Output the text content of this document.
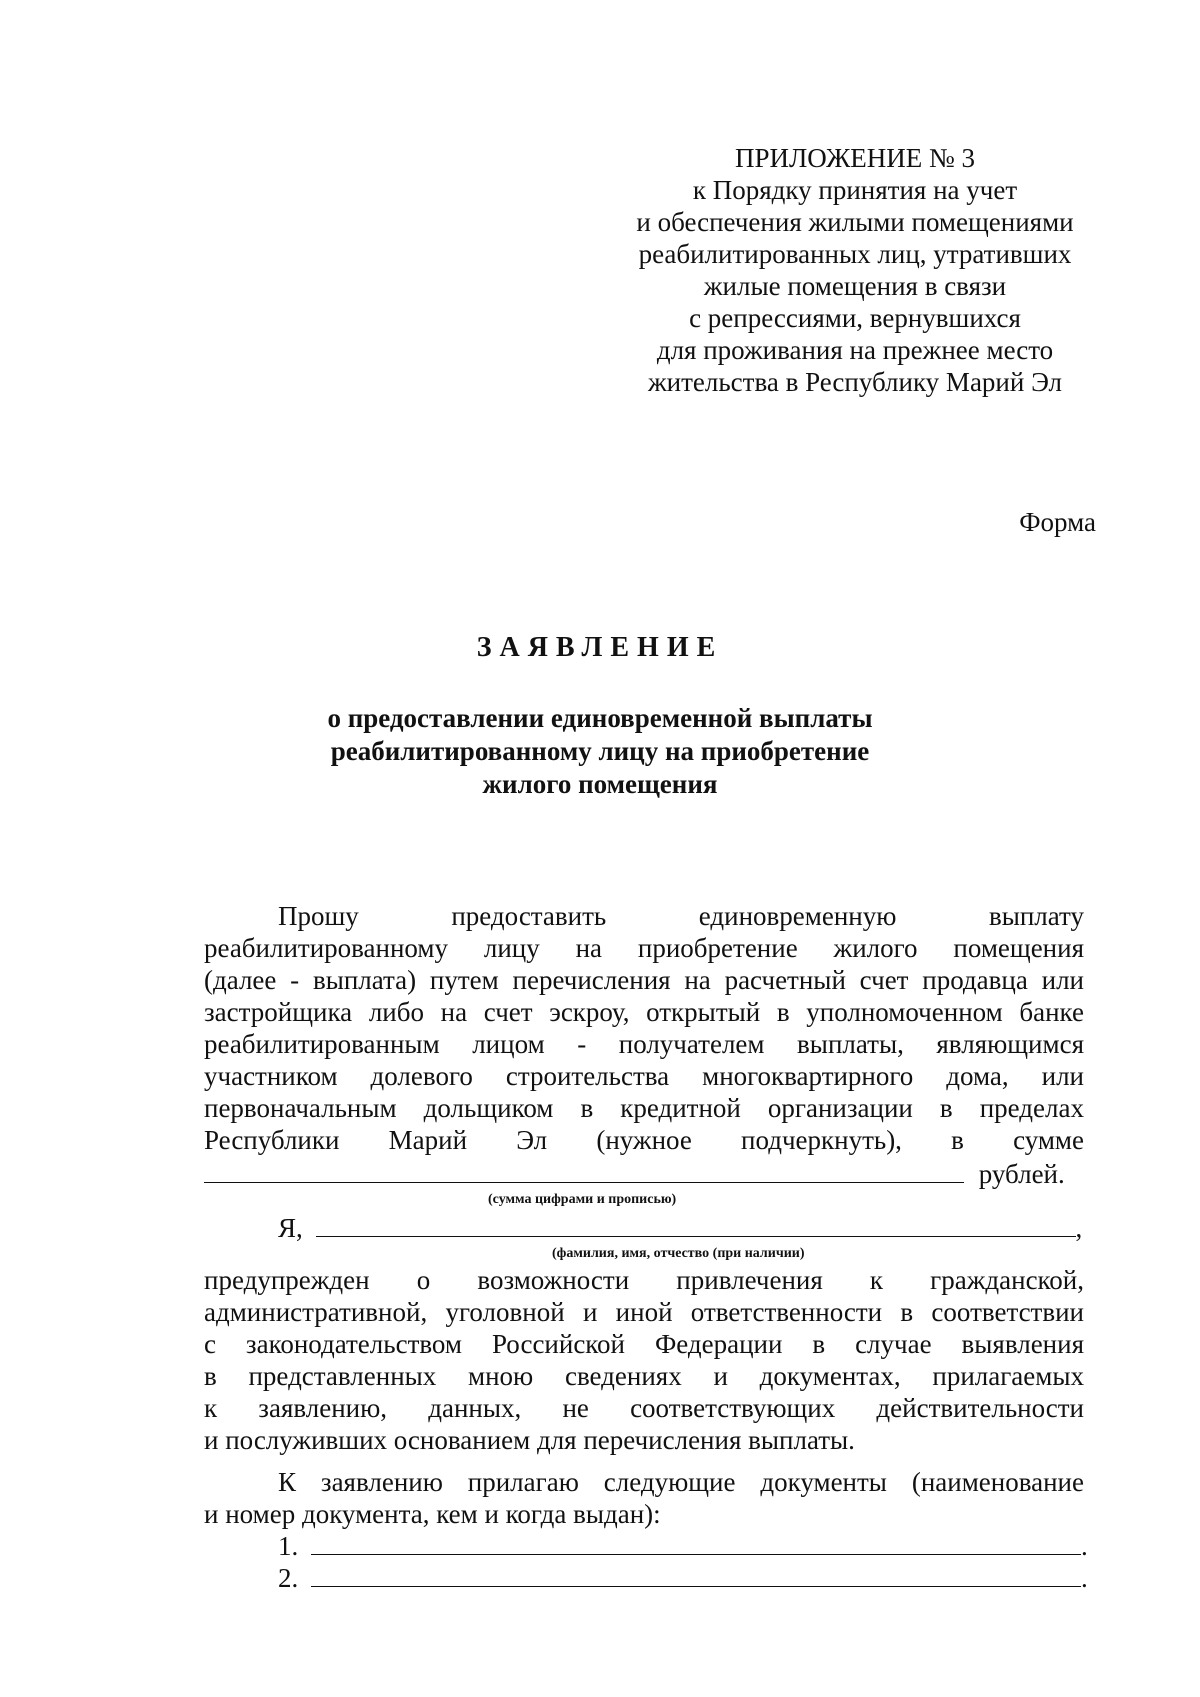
ПРИЛОЖЕНИЕ № 3
к Порядку принятия на учет
и обеспечения жилыми помещениями
реабилитированных лиц, утративших
жилые помещения в связи
с репрессиями, вернувшихся
для проживания на прежнее место
жительства в Республику Марий Эл
Форма
ЗАЯВЛЕНИЕ
о предоставлении единовременной выплаты
реабилитированному лицу на приобретение
жилого помещения
Прошу предоставить единовременную выплату
реабилитированному лицу на приобретение жилого помещения
(далее - выплата) путем перечисления на расчетный счет продавца или
застройщика либо на счет эскроу, открытый в уполномоченном банке
реабилитированным лицом - получателем выплаты, являющимся
участником долевого строительства многоквартирного дома, или
первоначальным дольщиком в кредитной организации в пределах
Республики Марий Эл (нужное подчеркнуть), в сумме
рублей.
(сумма цифрами и прописью)
Я,	,
(фамилия, имя, отчество (при наличии)
предупрежден о возможности привлечения к гражданской,
административной, уголовной и иной ответственности в соответствии
с законодательством Российской Федерации в случае выявления
в представленных мною сведениях и документах, прилагаемых
к заявлению, данных, не соответствующих действительности
и послуживших основанием для перечисления выплаты.
К заявлению прилагаю следующие документы (наименование
и номер документа, кем и когда выдан):
1.	.
2.	.
